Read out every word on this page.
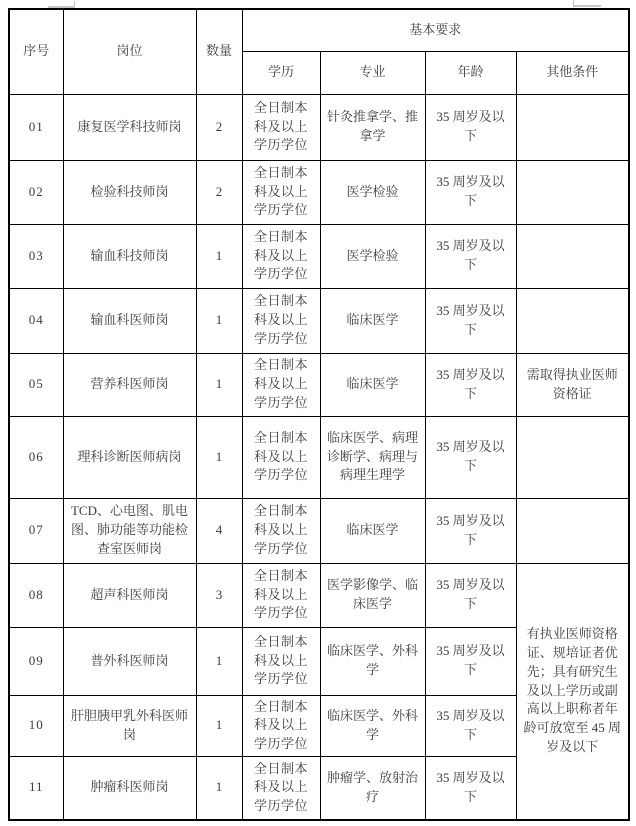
序号	岗位	数量	基本要求			
			学历	专业	年龄	其他条件
01	康复医学科技师岗	2	全日制本科及以上学历学位	针灸推拿学、推拿学	35 周岁及以下	
02	检验科技师岗	2	全日制本科及以上学历学位	医学检验	35 周岁及以下	
03	输血科技师岗	1	全日制本科及以上学历学位	医学检验	35 周岁及以下	
04	输血科医师岗	1	全日制本科及以上学历学位	临床医学	35 周岁及以下	
05	营养科医师岗	1	全日制本科及以上学历学位	临床医学	35 周岁及以下	需取得执业医师资格证
06	理科诊断医师病岗	1	全日制本科及以上学历学位	临床医学、病理诊断学、病理与病理生理学	35 周岁及以下	
07	TCD、心电图、肌电图、肺功能等功能检查室医师岗	4	全日制本科及以上学历学位	临床医学	35 周岁及以下	
08	超声科医师岗	3	全日制本科及以上学历学位	医学影像学、临床医学	35 周岁及以下	有执业医师资格证、规培证者优先；具有研究生及以上学历或副高以上职称者年龄可放宽至 45 周岁及以下
09	普外科医师岗	1	全日制本科及以上学历学位	临床医学、外科学	35 周岁及以下	
10	肝胆胰甲乳外科医师岗	1	全日制本科及以上学历学位	临床医学、外科学	35 周岁及以下	
11	肿瘤科医师岗	1	全日制本科及以上学历学位	肿瘤学、放射治疗	35 周岁及以下	
